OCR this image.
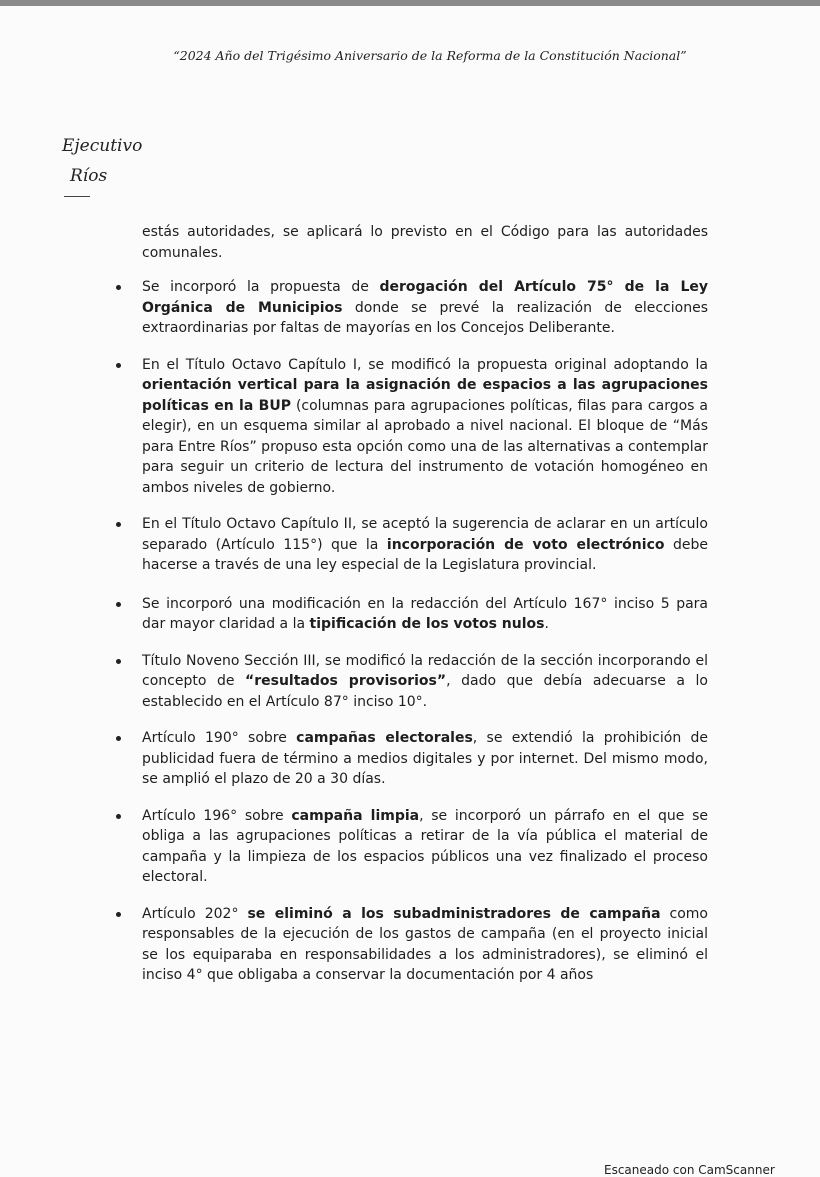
“2024 Año del Trigésimo Aniversario de la Reforma de la Constitución Nacional”
Ejecutivo
Ríos

estás autoridades, se aplicará lo previsto en el Código para las autoridades comunales.

Se incorporó la propuesta de derogación del Artículo 75° de la Ley Orgánica de Municipios donde se prevé la realización de elecciones extraordinarias por faltas de mayorías en los Concejos Deliberante.
En el Título Octavo Capítulo I, se modificó la propuesta original adoptando la orientación vertical para la asignación de espacios a las agrupaciones políticas en la BUP (columnas para agrupaciones políticas, filas para cargos a elegir), en un esquema similar al aprobado a nivel nacional. El bloque de “Más para Entre Ríos” propuso esta opción como una de las alternativas a contemplar para seguir un criterio de lectura del instrumento de votación homogéneo en ambos niveles de gobierno.
En el Título Octavo Capítulo II, se aceptó la sugerencia de aclarar en un artículo separado (Artículo 115°) que la incorporación de voto electrónico debe hacerse a través de una ley especial de la Legislatura provincial.
Se incorporó una modificación en la redacción del Artículo 167° inciso 5 para dar mayor claridad a la tipificación de los votos nulos.
Título Noveno Sección III, se modificó la redacción de la sección incorporando el concepto de “resultados provisorios”, dado que debía adecuarse a lo establecido en el Artículo 87° inciso 10°.
Artículo 190° sobre campañas electorales, se extendió la prohibición de publicidad fuera de término a medios digitales y por internet. Del mismo modo, se amplió el plazo de 20 a 30 días.
Artículo 196° sobre campaña limpia, se incorporó un párrafo en el que se obliga a las agrupaciones políticas a retirar de la vía pública el material de campaña y la limpieza de los espacios públicos una vez finalizado el proceso electoral.
Artículo 202° se eliminó a los subadministradores de campaña como responsables de la ejecución de los gastos de campaña (en el proyecto inicial se los equiparaba en responsabilidades a los administradores), se eliminó el inciso 4° que obligaba a conservar la documentación por 4 años
Escaneado con CamScanner
